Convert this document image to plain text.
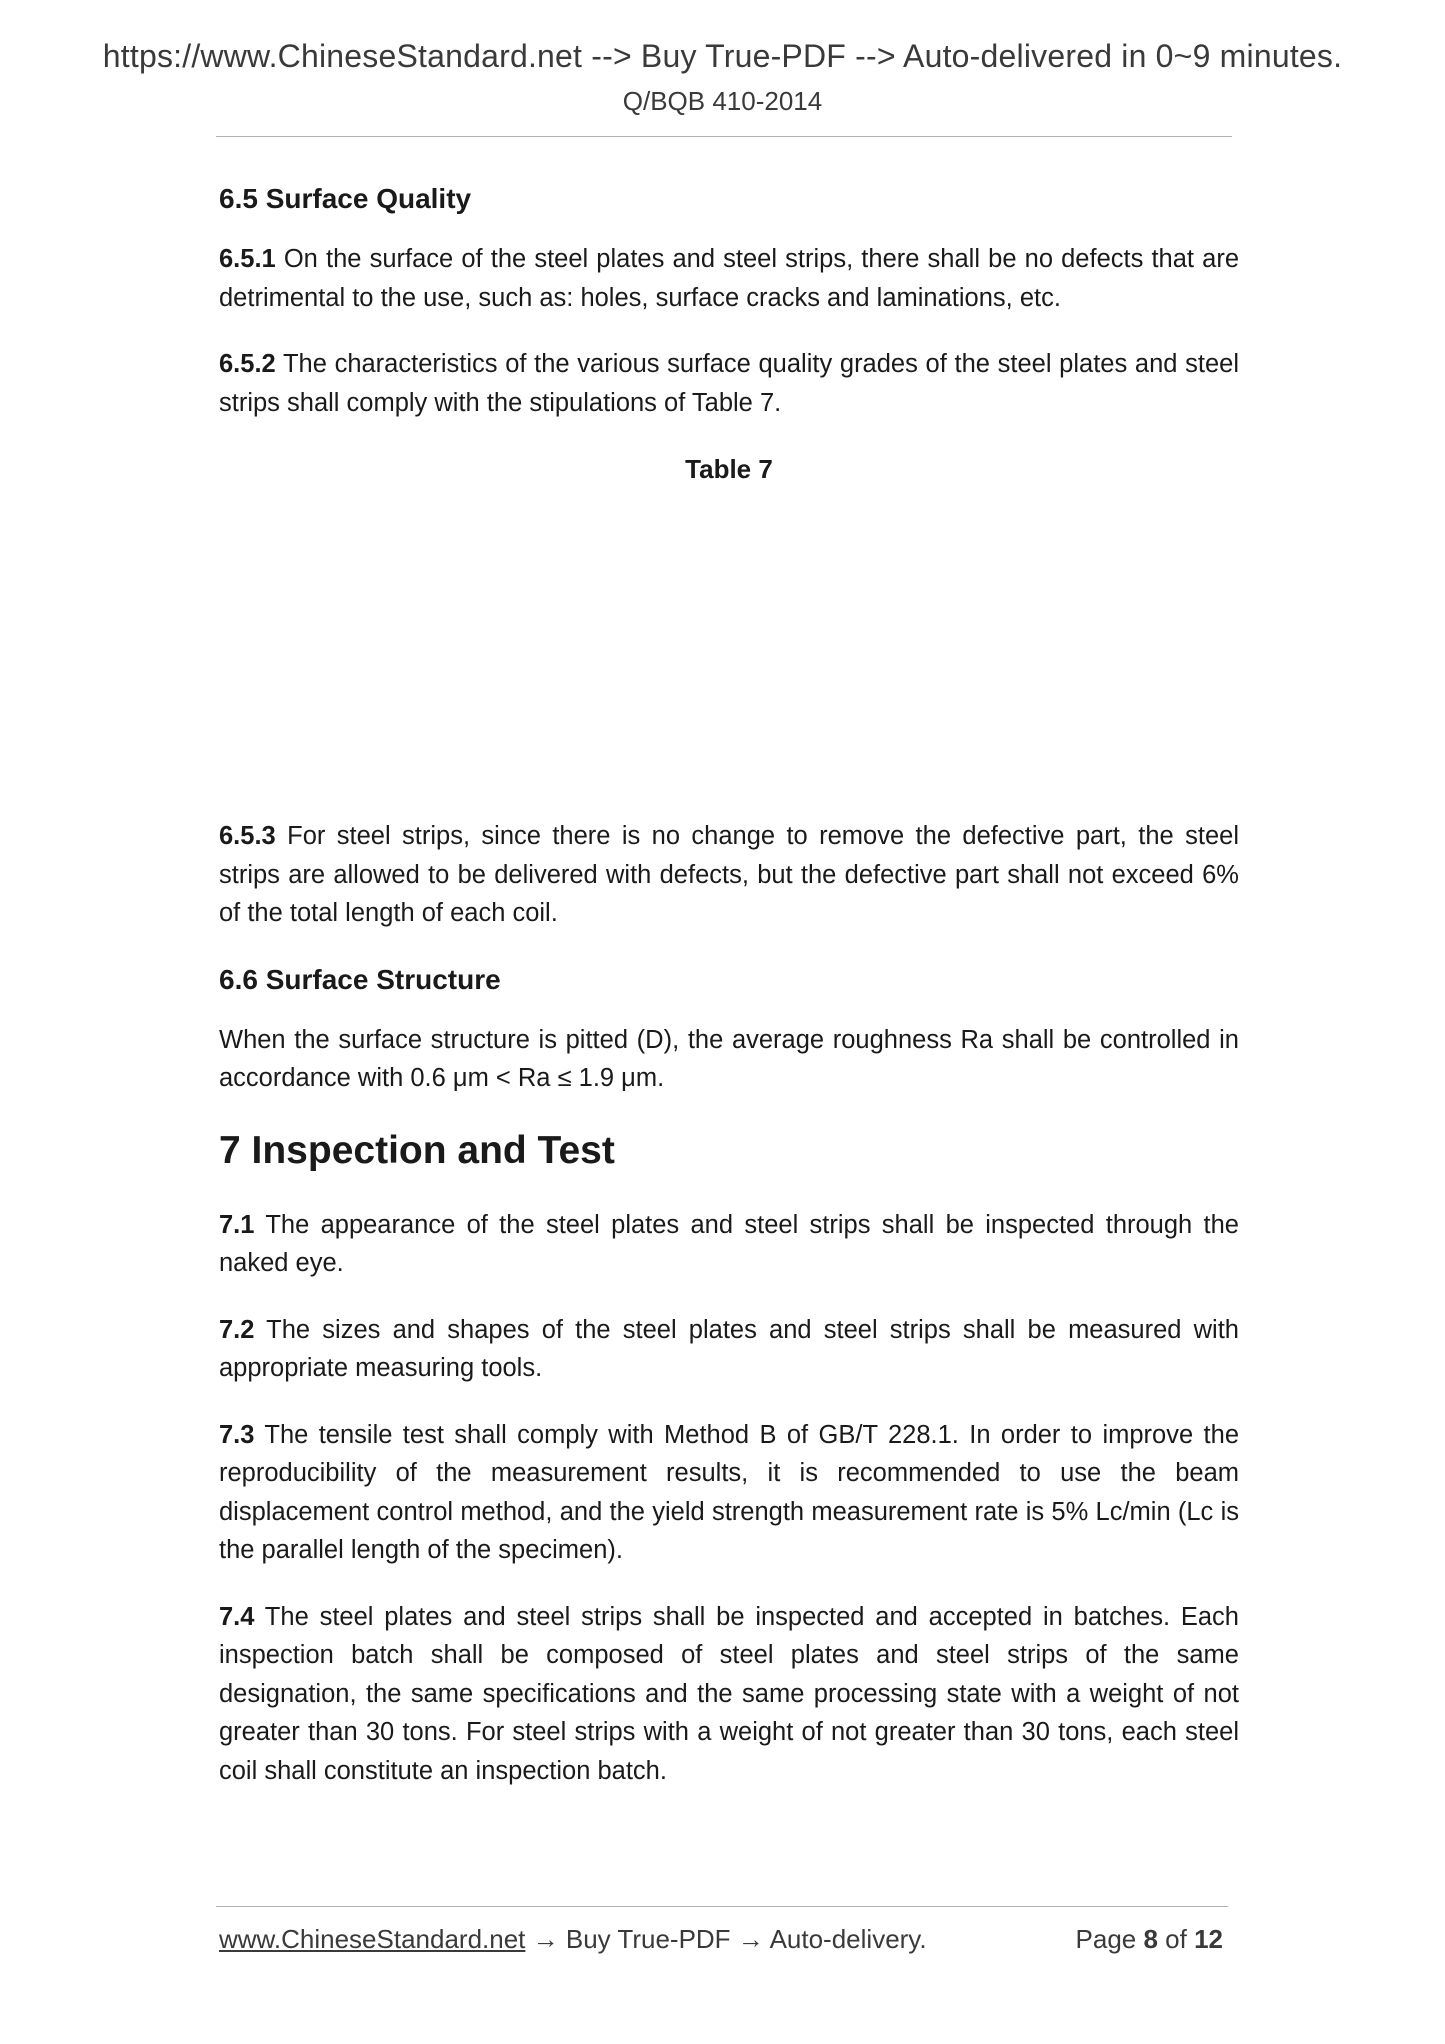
https://www.ChineseStandard.net --> Buy True-PDF --> Auto-delivered in 0~9 minutes.
Q/BQB 410-2014
6.5 Surface Quality

6.5.1 On the surface of the steel plates and steel strips, there shall be no defects that are detrimental to the use, such as: holes, surface cracks and laminations, etc.

6.5.2 The characteristics of the various surface quality grades of the steel plates and steel strips shall comply with the stipulations of Table 7.

Table 7

6.5.3 For steel strips, since there is no change to remove the defective part, the steel strips are allowed to be delivered with defects, but the defective part shall not exceed 6% of the total length of each coil.

6.6 Surface Structure

When the surface structure is pitted (D), the average roughness Ra shall be controlled in accordance with 0.6 μm < Ra ≤ 1.9 μm.

7 Inspection and Test

7.1 The appearance of the steel plates and steel strips shall be inspected through the naked eye.

7.2 The sizes and shapes of the steel plates and steel strips shall be measured with appropriate measuring tools.

7.3 The tensile test shall comply with Method B of GB/T 228.1. In order to improve the reproducibility of the measurement results, it is recommended to use the beam displacement control method, and the yield strength measurement rate is 5% Lc/min (Lc is the parallel length of the specimen).

7.4 The steel plates and steel strips shall be inspected and accepted in batches. Each inspection batch shall be composed of steel plates and steel strips of the same designation, the same specifications and the same processing state with a weight of not greater than 30 tons. For steel strips with a weight of not greater than 30 tons, each steel coil shall constitute an inspection batch.

www.ChineseStandard.net → Buy True-PDF → Auto-delivery.	Page 8 of 12
